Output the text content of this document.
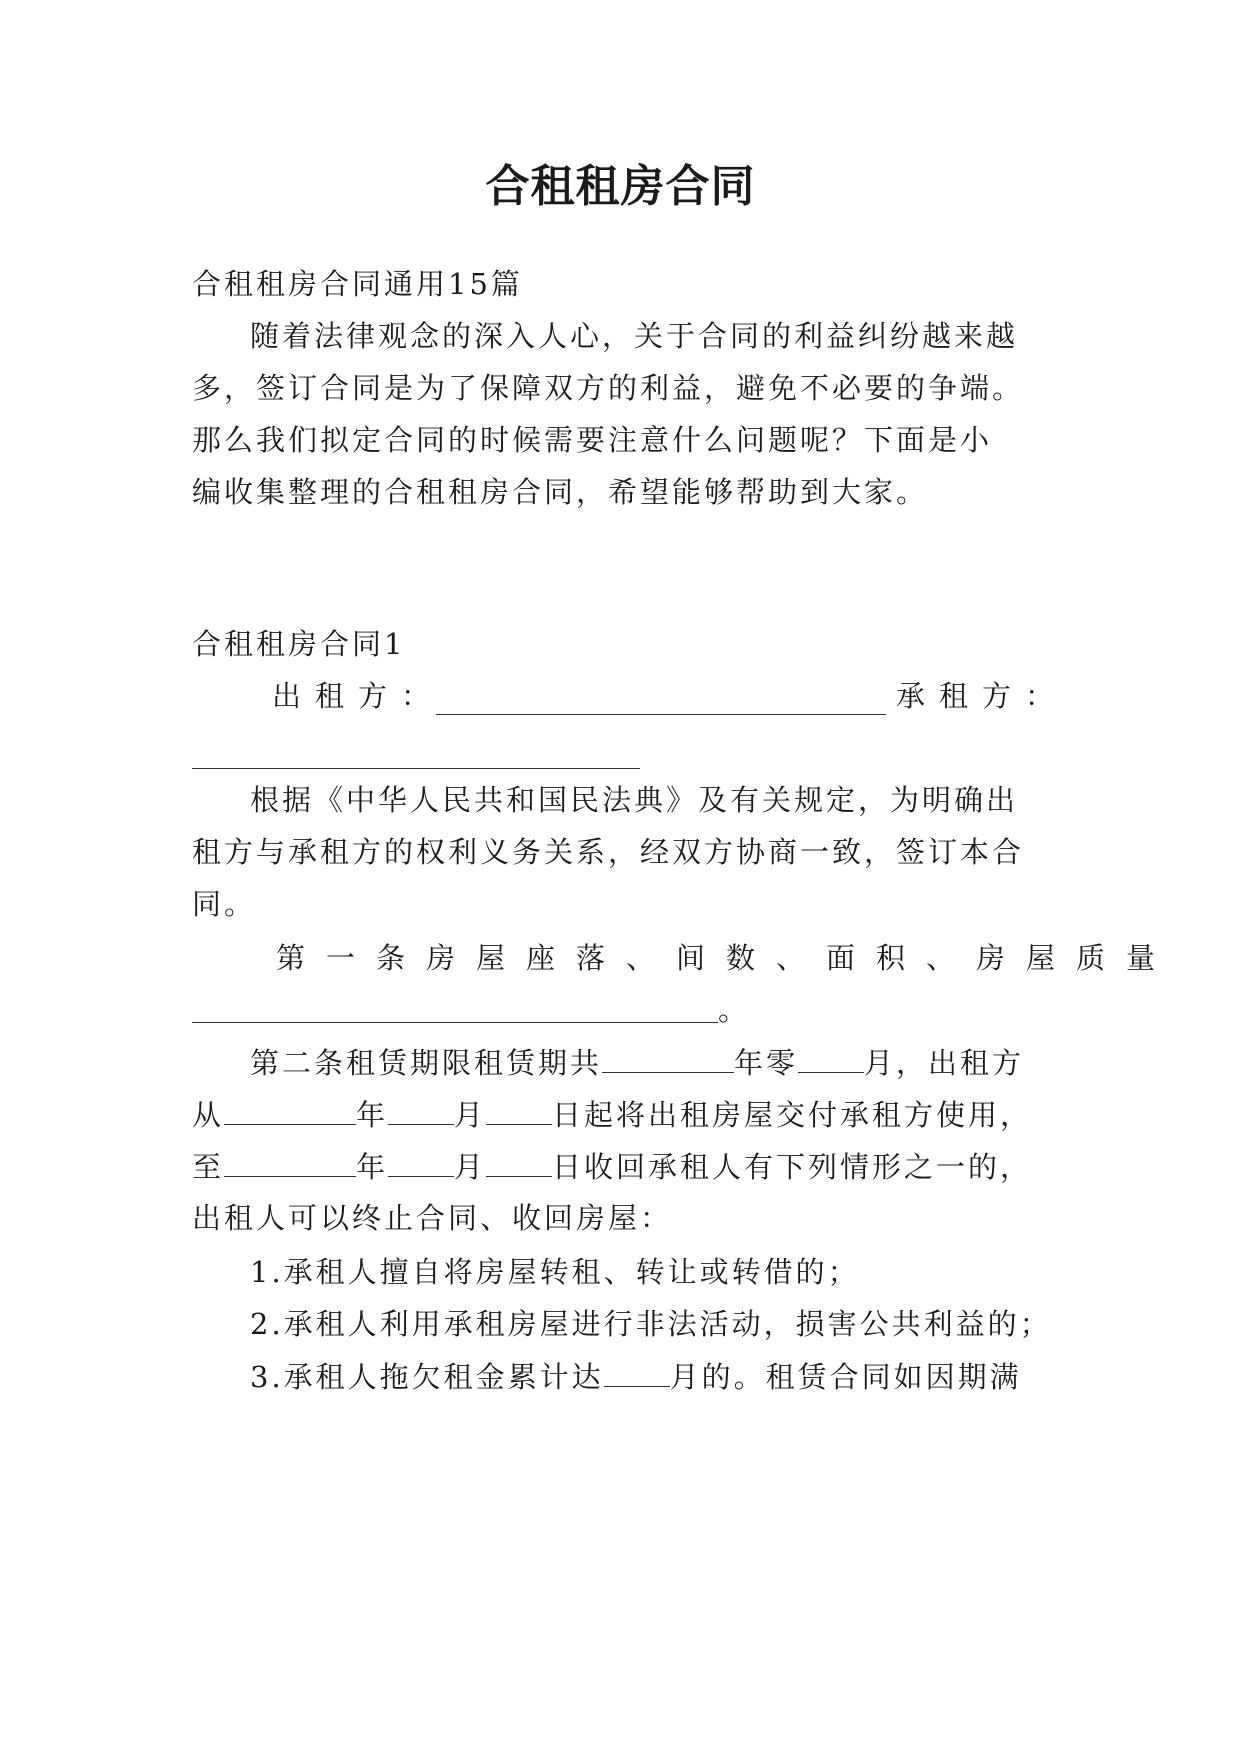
合租租房合同
合租租房合同通用15篇
随着法律观念的深入人心，关于合同的利益纠纷越来越
多，签订合同是为了保障双方的利益，避免不必要的争端。
那么我们拟定合同的时候需要注意什么问题呢？下面是小
编收集整理的合租租房合同，希望能够帮助到大家。
合租租房合同1
出租方：	承租方：
根据《中华人民共和国民法典》及有关规定，为明确出
租方与承租方的权利义务关系，经双方协商一致，签订本合
同。
第一条房屋座落、间数、面积、房屋质量
。
第二条租赁期限租赁期共	年零 月，出租方
从	年 月 日起将出租房屋交付承租方使用，
至	年 月 日收回承租人有下列情形之一的，
出租人可以终止合同、收回房屋：
1.承租人擅自将房屋转租、转让或转借的；
2.承租人利用承租房屋进行非法活动，损害公共利益的；
3.承租人拖欠租金累计达 月的。租赁合同如因期满
